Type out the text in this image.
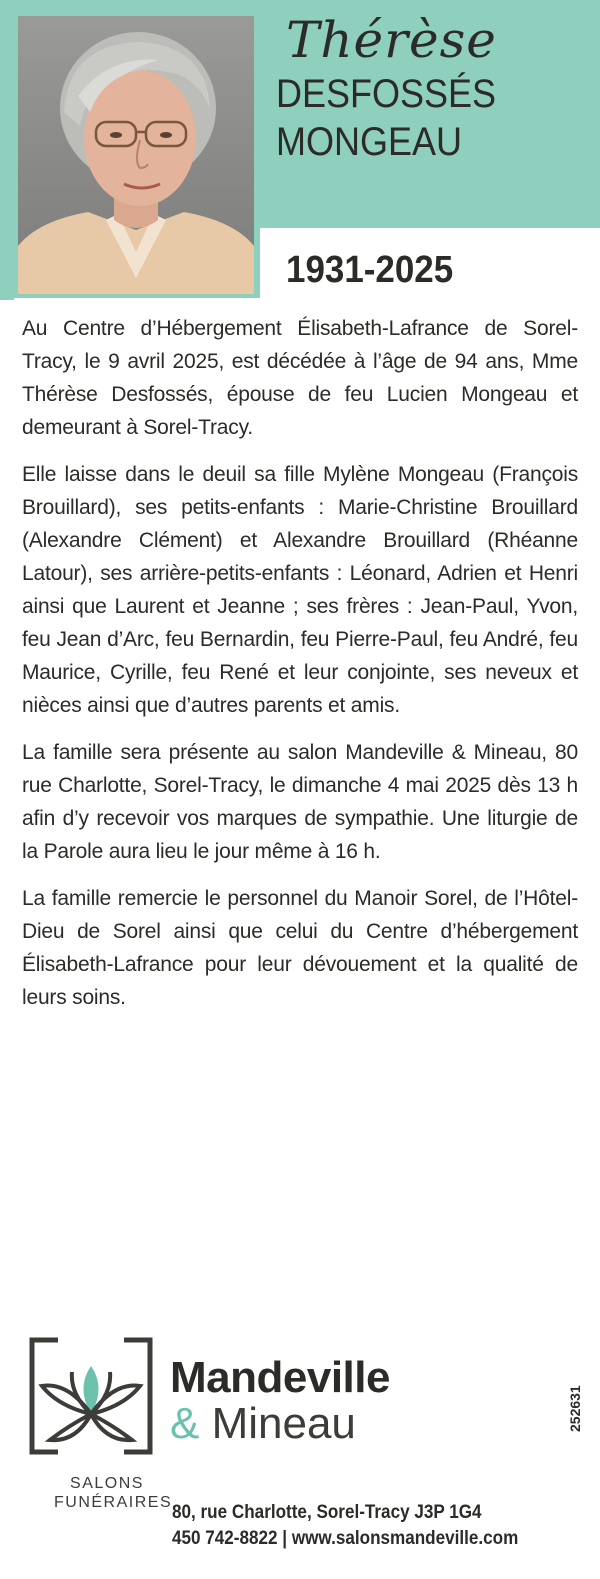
Thérèse
DESFOSSÉS
MONGEAU
1931-2025

Au Centre d’Hébergement Élisabeth-Lafrance de Sorel-Tracy, le 9 avril 2025, est décédée à l’âge de 94 ans, Mme Thérèse Desfossés, épouse de feu Lucien Mongeau et demeurant à Sorel-Tracy.

Elle laisse dans le deuil sa fille Mylène Mongeau (François Brouillard), ses petits-enfants : Marie-Christine Brouillard (Alexandre Clément) et Alexandre Brouillard (Rhéanne Latour), ses arrière-petits-enfants : Léonard, Adrien et Henri ainsi que Laurent et Jeanne ; ses frères : Jean-Paul, Yvon, feu Jean d’Arc, feu Bernardin, feu Pierre-Paul, feu André, feu Maurice, Cyrille, feu René et leur conjointe, ses neveux et nièces ainsi que d’autres parents et amis.

La famille sera présente au salon Mandeville & Mineau, 80 rue Charlotte, Sorel-Tracy, le dimanche 4 mai 2025 dès 13 h afin d’y recevoir vos marques de sympathie. Une liturgie de la Parole aura lieu le jour même à 16 h.

La famille remercie le personnel du Manoir Sorel, de l’Hôtel-Dieu de Sorel ainsi que celui du Centre d’hébergement Élisabeth-Lafrance pour leur dévouement et la qualité de leurs soins.

Mandeville
& Mineau
SALONS
FUNÉRAIRES 80, rue Charlotte, Sorel-Tracy J3P 1G4
450 742-8822 | www.salonsmandeville.com
252631
